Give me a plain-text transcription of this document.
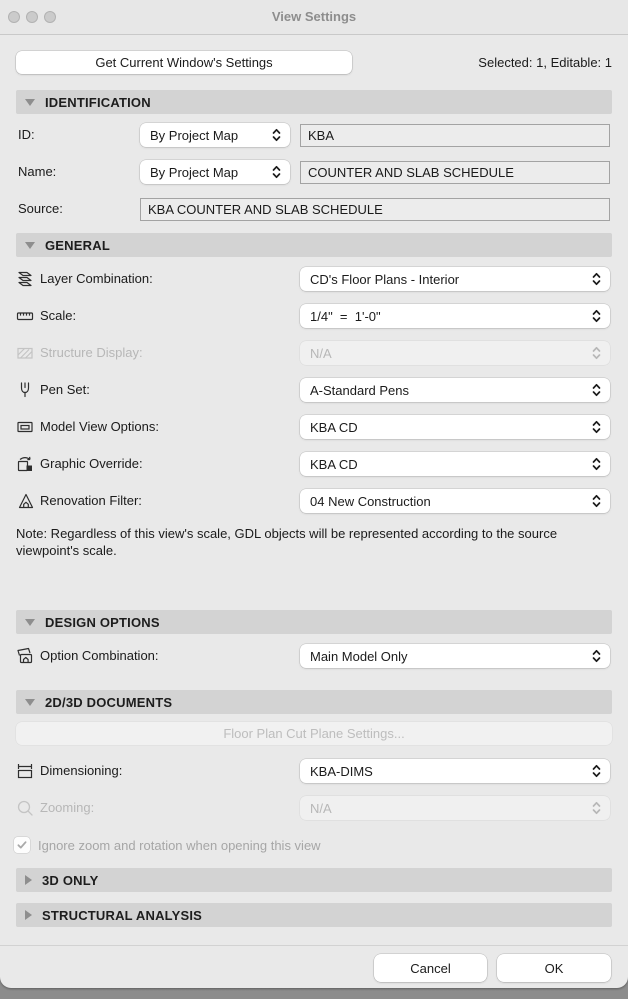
View Settings
Get Current Window's Settings	Selected: 1, Editable: 1
IDENTIFICATION
ID:	By Project Map	KBA
Name:	By Project Map	COUNTER AND SLAB SCHEDULE
Source:	KBA COUNTER AND SLAB SCHEDULE
GENERAL
Layer Combination:	CD's Floor Plans - Interior
Scale:	1/4"  =  1'-0"
Structure Display:	N/A
Pen Set:	A-Standard Pens
Model View Options:	KBA CD
Graphic Override:	KBA CD
Renovation Filter:	04 New Construction
Note: Regardless of this view's scale, GDL objects will be represented according to the source viewpoint's scale.
DESIGN OPTIONS
Option Combination:	Main Model Only
2D/3D DOCUMENTS
Floor Plan Cut Plane Settings...
Dimensioning:	KBA-DIMS
Zooming:	N/A
Ignore zoom and rotation when opening this view
3D ONLY
STRUCTURAL ANALYSIS
Cancel	OK
